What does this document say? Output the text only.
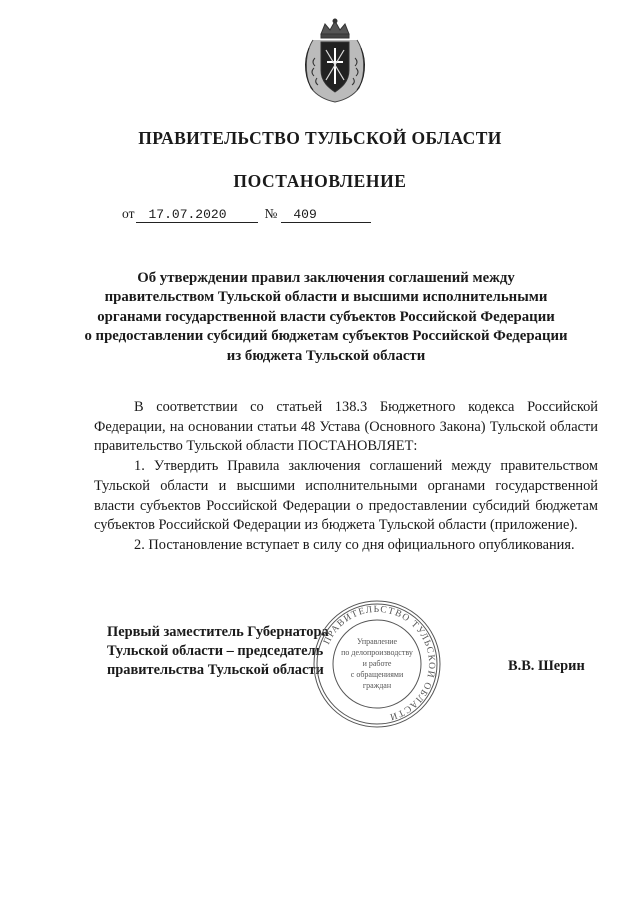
ПРАВИТЕЛЬСТВО ТУЛЬСКОЙ ОБЛАСТИ
ПОСТАНОВЛЕНИЕ
от 17.07.2020	№ 409
Об утверждении правил заключения соглашений между
правительством Тульской области и высшими исполнительными
органами государственной власти субъектов Российской Федерации
о предоставлении субсидий бюджетам субъектов Российской Федерации
из бюджета Тульской области

В соответствии со статьей 138.3 Бюджетного кодекса Российской Федерации, на основании статьи 48 Устава (Основного Закона) Тульской области правительство Тульской области ПОСТАНОВЛЯЕТ:

1. Утвердить Правила заключения соглашений между правительством Тульской области и высшими исполнительными органами государственной власти субъектов Российской Федерации о предоставлении субсидий бюджетам субъектов Российской Федерации из бюджета Тульской области (приложение).

2. Постановление вступает в силу со дня официального опубликования.

Первый заместитель Губернатора
Тульской области – председатель
правительства Тульской области	В.В. Шерин
ПРАВИТЕЛЬСТВО ТУЛЬСКОЙ ОБЛАСТИ
Управление
по делопроизводству
и работе
с обращениями
граждан
